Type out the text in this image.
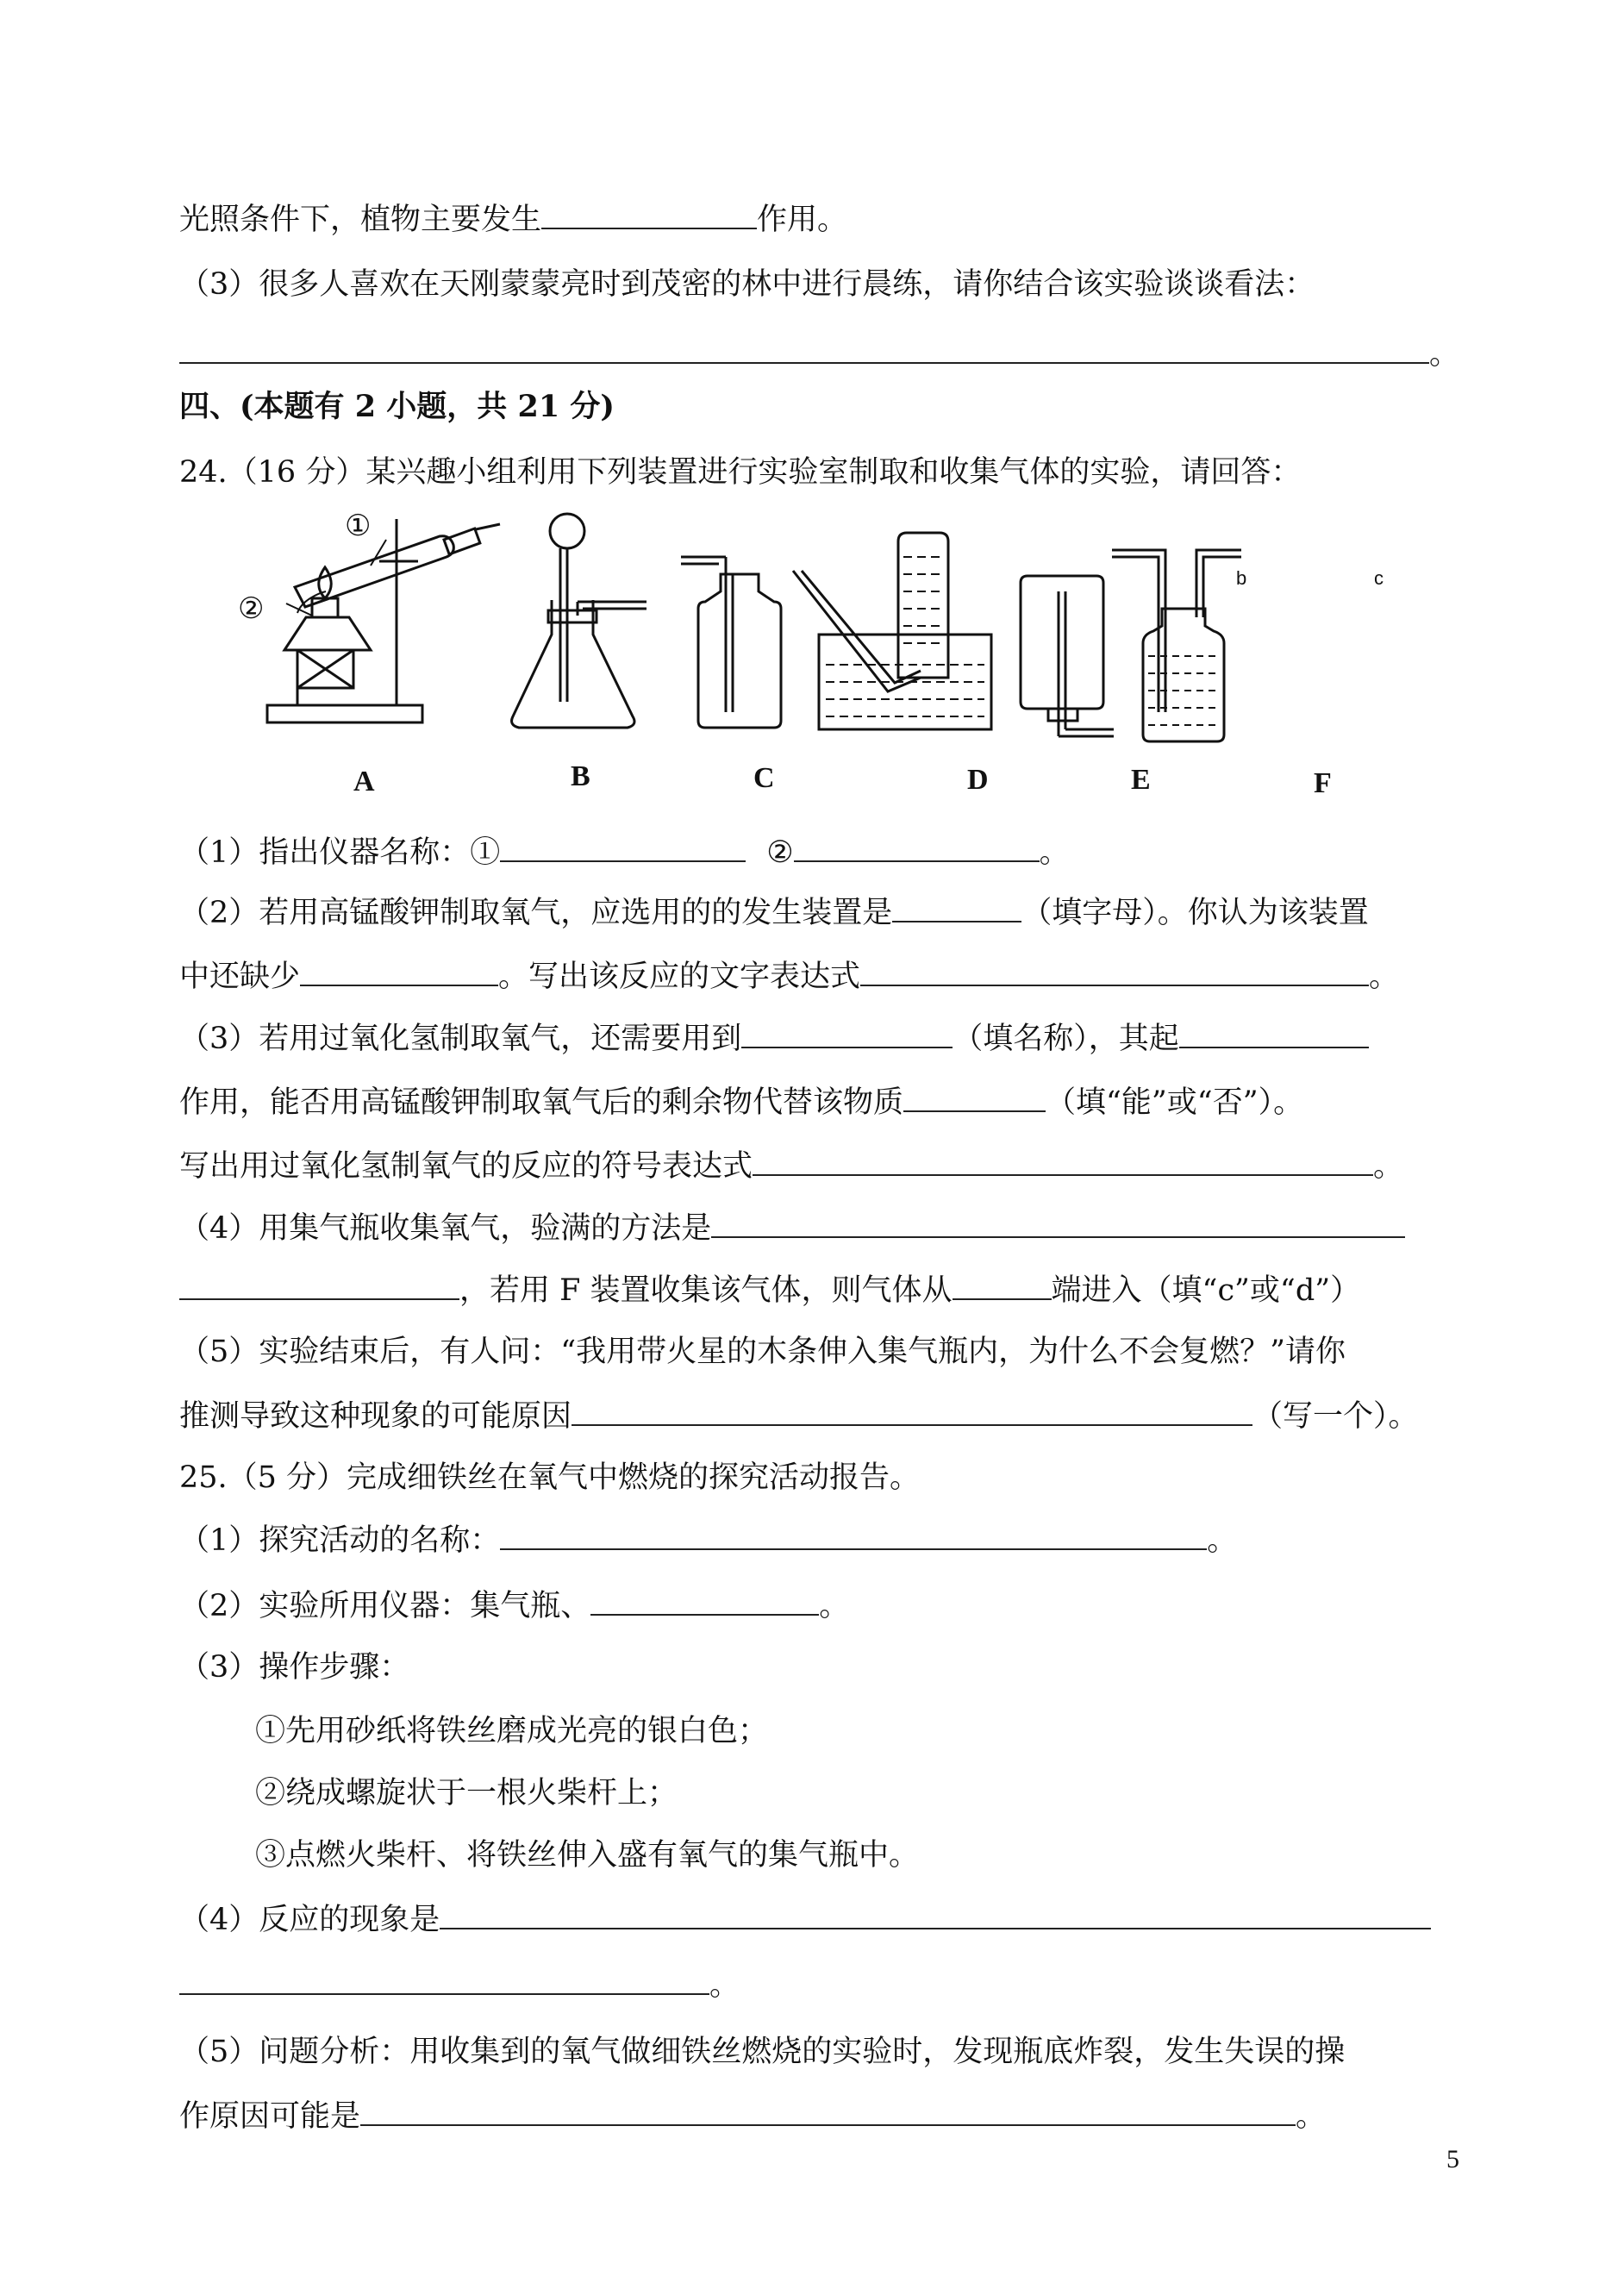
光照条件下，植物主要发生	作用。
（3）很多人喜欢在天刚蒙蒙亮时到茂密的林中进行晨练，请你结合该实验谈谈看法：
。
四、(本题有 2 小题，共 21 分)
24.（16 分）某兴趣小组利用下列装置进行实验室制取和收集气体的实验，请回答：
①
②
b	c
A	B	C	D	E	F
（1）指出仪器名称：①	②	。
（2）若用高锰酸钾制取氧气，应选用的的发生装置是	（填字母）。你认为该装置
中还缺少	。写出该反应的文字表达式	。
（3）若用过氧化氢制取氧气，还需要用到	（填名称），其起
作用，能否用高锰酸钾制取氧气后的剩余物代替该物质	（填“能”或“否”）。
写出用过氧化氢制氧气的反应的符号表达式	。
（4）用集气瓶收集氧气，验满的方法是
，若用 F 装置收集该气体，则气体从	端进入（填“c”或“d”）
（5）实验结束后，有人问：“我用带火星的木条伸入集气瓶内，为什么不会复燃？”请你
推测导致这种现象的可能原因	（写一个）。
25.（5 分）完成细铁丝在氧气中燃烧的探究活动报告。
（1）探究活动的名称：	。
（2）实验所用仪器：集气瓶、	。
（3）操作步骤：
①先用砂纸将铁丝磨成光亮的银白色；
②绕成螺旋状于一根火柴杆上；
③点燃火柴杆、将铁丝伸入盛有氧气的集气瓶中。
（4）反应的现象是
。
（5）问题分析：用收集到的氧气做细铁丝燃烧的实验时，发现瓶底炸裂，发生失误的操
作原因可能是	。
5
